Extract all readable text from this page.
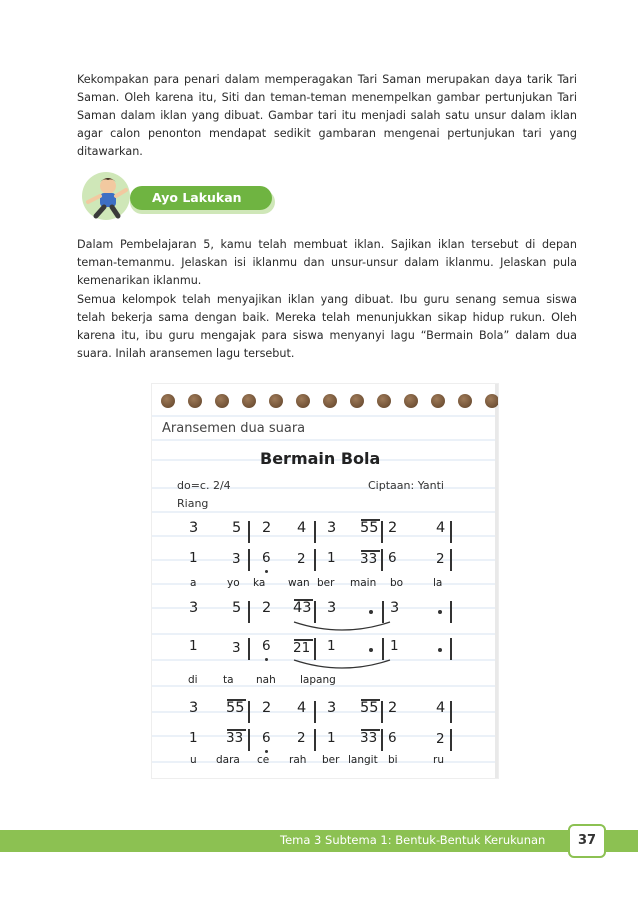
Kekompakan para penari dalam memperagakan Tari Saman merupakan daya tarik Tari Saman. Oleh karena itu, Siti dan teman-teman menempelkan gambar pertunjukan Tari Saman dalam iklan yang dibuat. Gambar tari itu menjadi salah satu unsur dalam iklan agar calon penonton mendapat sedikit gambaran mengenai pertunjukan tari yang ditawarkan.

Ayo Lakukan

Dalam Pembelajaran 5, kamu telah membuat iklan. Sajikan iklan tersebut di depan teman-temanmu. Jelaskan isi iklanmu dan unsur-unsur dalam iklanmu. Jelaskan pula kemenarikan iklanmu.

Semua kelompok telah menyajikan iklan yang dibuat. Ibu guru senang semua siswa telah bekerja sama dengan baik. Mereka telah menunjukkan sikap hidup rukun. Oleh karena itu, ibu guru mengajak para siswa menyanyi lagu “Bermain Bola” dalam dua suara. Inilah aransemen lagu tersebut.

Aransemen dua suara
Bermain Bola
do=c. 2/4	Ciptaan: Yanti
Riang
3 5 2 4 3 55 2	4
1	3 6 2 1 33 6	2
a	yo ka wan ber main bo	la
3 5 2 43 3	3
1	3 6 21 1	1
di ta nah lapang
3 55 2 4 3 55 2	4
1 33 6 2 1 33 6	2
u dara ce rah ber langit bi	ru
Tema 3 Subtema 1: Bentuk-Bentuk Kerukunan	37
